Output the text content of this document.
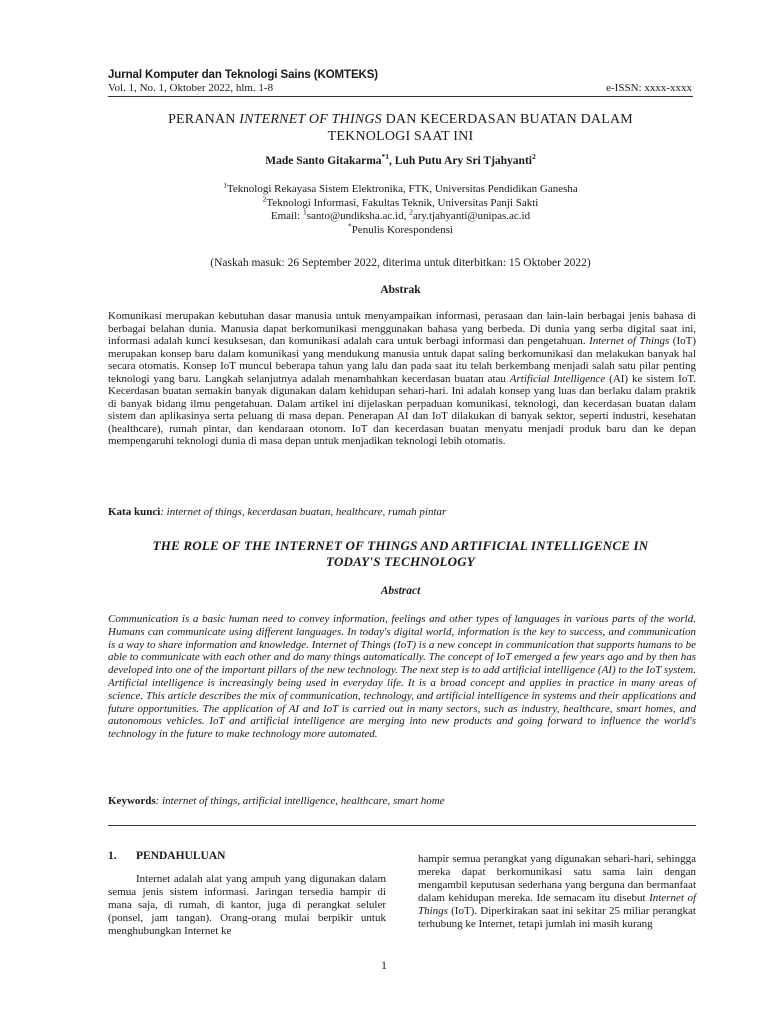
Jurnal Komputer dan Teknologi Sains (KOMTEKS)
Vol. 1, No. 1, Oktober 2022, hlm. 1-8	e-ISSN: xxxx-xxxx
PERANAN INTERNET OF THINGS DAN KECERDASAN BUATAN DALAM
TEKNOLOGI SAAT INI
Made Santo Gitakarma$^{*1}$, Luh Putu Ary Sri Tjahyanti$^2$
$^1$Teknologi Rekayasa Sistem Elektronika, FTK, Universitas Pendidikan Ganesha
$^2$Teknologi Informasi, Fakultas Teknik, Universitas Panji Sakti
Email: $^1$santo@undiksha.ac.id, $^2$ary.tjahyanti@unipas.ac.id
*Penulis Korespondensi
(Naskah masuk: 26 September 2022, diterima untuk diterbitkan: 15 Oktober 2022)
Abstrak
Komunikasi merupakan kebutuhan dasar manusia untuk menyampaikan informasi, perasaan dan lain-lain berbagai jenis bahasa di berbagai belahan dunia. Manusia dapat berkomunikasi menggunakan bahasa yang berbeda. Di dunia yang serba digital saat ini, informasi adalah kunci kesuksesan, dan komunikasi adalah cara untuk berbagi informasi dan pengetahuan. Internet of Things (IoT) merupakan konsep baru dalam komunikasi yang mendukung manusia untuk dapat saling berkomunikasi dan melakukan banyak hal secara otomatis. Konsep IoT muncul beberapa tahun yang lalu dan pada saat itu telah berkembang menjadi salah satu pilar penting teknologi yang baru. Langkah selanjutnya adalah menambahkan kecerdasan buatan atau Artificial Intelligence (AI) ke sistem IoT. Kecerdasan buatan semakin banyak digunakan dalam kehidupan sehari-hari. Ini adalah konsep yang luas dan berlaku dalam praktik di banyak bidang ilmu pengetahuan. Dalam artikel ini dijelaskan perpaduan komunikasi, teknologi, dan kecerdasan buatan dalam sistem dan aplikasinya serta peluang di masa depan. Penerapan AI dan IoT dilakukan di banyak sektor, seperti industri, kesehatan (healthcare), rumah pintar, dan kendaraan otonom. IoT dan kecerdasan buatan menyatu menjadi produk baru dan ke depan mempengaruhi teknologi dunia di masa depan untuk menjadikan teknologi lebih otomatis.
Kata kunci: internet of things, kecerdasan buatan, healthcare, rumah pintar
THE ROLE OF THE INTERNET OF THINGS AND ARTIFICIAL INTELLIGENCE IN
TODAY'S TECHNOLOGY
Abstract
Communication is a basic human need to convey information, feelings and other types of languages in various parts of the world. Humans can communicate using different languages. In today's digital world, information is the key to success, and communication is a way to share information and knowledge. Internet of Things (IoT) is a new concept in communication that supports humans to be able to communicate with each other and do many things automatically. The concept of IoT emerged a few years ago and by then has developed into one of the important pillars of the new technology. The next step is to add artificial intelligence (AI) to the IoT system. Artificial intelligence is increasingly being used in everyday life. It is a broad concept and applies in practice in many areas of science. This article describes the mix of communication, technology, and artificial intelligence in systems and their applications and future opportunities. The application of AI and IoT is carried out in many sectors, such as industry, healthcare, smart homes, and autonomous vehicles. IoT and artificial intelligence are merging into new products and going forward to influence the world's technology in the future to make technology more automated.
Keywords: internet of things, artificial intelligence, healthcare, smart home
1. PENDAHULUAN
Internet adalah alat yang ampuh yang digunakan dalam semua jenis sistem informasi. Jaringan tersedia hampir di mana saja, di rumah, di kantor, juga di perangkat seluler (ponsel, jam tangan). Orang-orang mulai berpikir untuk menghubungkan Internet ke
hampir semua perangkat yang digunakan sehari-hari, sehingga mereka dapat berkomunikasi satu sama lain dengan mengambil keputusan sederhana yang berguna dan bermanfaat dalam kehidupan mereka. Ide semacam itu disebut Internet of Things (IoT). Diperkirakan saat ini sekitar 25 miliar perangkat terhubung ke Internet, tetapi jumlah ini masih kurang
1
